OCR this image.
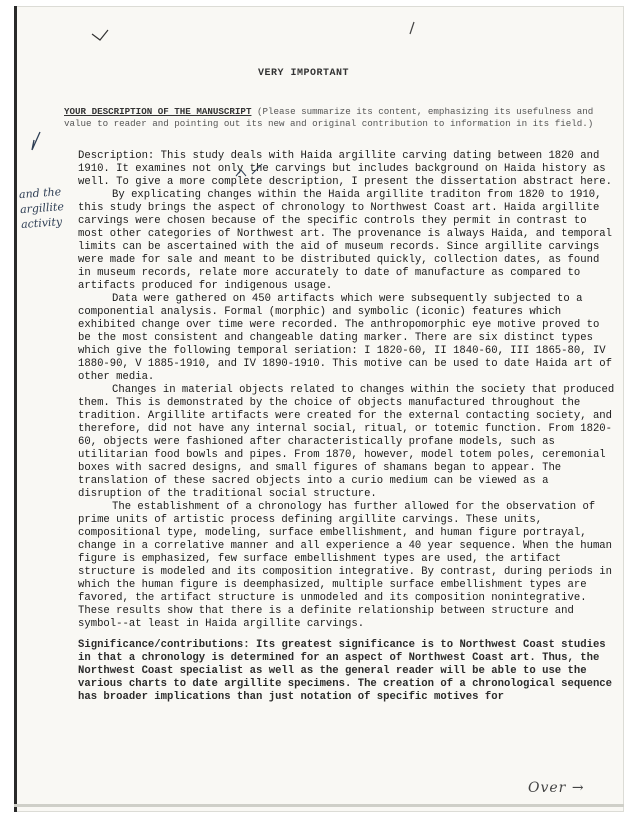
VERY IMPORTANT
YOUR DESCRIPTION OF THE MANUSCRIPT (Please summarize its content, emphasizing its usefulness and value to reader and pointing out its new and original contribution to information in its field.)

Description: This study deals with Haida argillite carving dating between 1820 and 1910. It examines not only the carvings but includes background on Haida history as well. To give a more complete description, I present the dissertation abstract here.

By explicating changes within the Haida argillite traditon from 1820 to 1910, this study brings the aspect of chronology to Northwest Coast art. Haida argillite carvings were chosen because of the specific controls they permit in contrast to most other categories of Northwest art. The provenance is always Haida, and temporal limits can be ascertained with the aid of museum records. Since argillite carvings were made for sale and meant to be distributed quickly, collection dates, as found in museum records, relate more accurately to date of manufacture as compared to artifacts produced for indigenous usage.

Data were gathered on 450 artifacts which were subsequently subjected to a componential analysis. Formal (morphic) and symbolic (iconic) features which exhibited change over time were recorded. The anthropomorphic eye motive proved to be the most consistent and changeable dating marker. There are six distinct types which give the following temporal seriation: I 1820-60, II 1840-60, III 1865-80, IV 1880-90, V 1885-1910, and IV 1890-1910. This motive can be used to date Haida art of other media.

Changes in material objects related to changes within the society that produced them. This is demonstrated by the choice of objects manufactured throughout the tradition. Argillite artifacts were created for the external contacting society, and therefore, did not have any internal social, ritual, or totemic function. From 1820-60, objects were fashioned after characteristically profane models, such as utilitarian food bowls and pipes. From 1870, however, model totem poles, ceremonial boxes with sacred designs, and small figures of shamans began to appear. The translation of these sacred objects into a curio medium can be viewed as a disruption of the traditional social structure.

The establishment of a chronology has further allowed for the observation of prime units of artistic process defining argillite carvings. These units, compositional type, modeling, surface embellishment, and human figure portrayal, change in a correlative manner and all experience a 40 year sequence. When the human figure is emphasized, few surface embellishment types are used, the artifact structure is modeled and its composition integrative. By contrast, during periods in which the human figure is deemphasized, multiple surface embellishment types are favored, the artifact structure is unmodeled and its composition nonintegrative. These results show that there is a definite relationship between structure and symbol--at least in Haida argillite carvings.

Significance/contributions: Its greatest significance is to Northwest Coast studies in that a chronology is determined for an aspect of Northwest Coast art. Thus, the Northwest Coast specialist as well as the general reader will be able to use the various charts to date argillite specimens. The creation of a chronological sequence has broader implications than just notation of specific motives for

and the argillite activity
Over →
